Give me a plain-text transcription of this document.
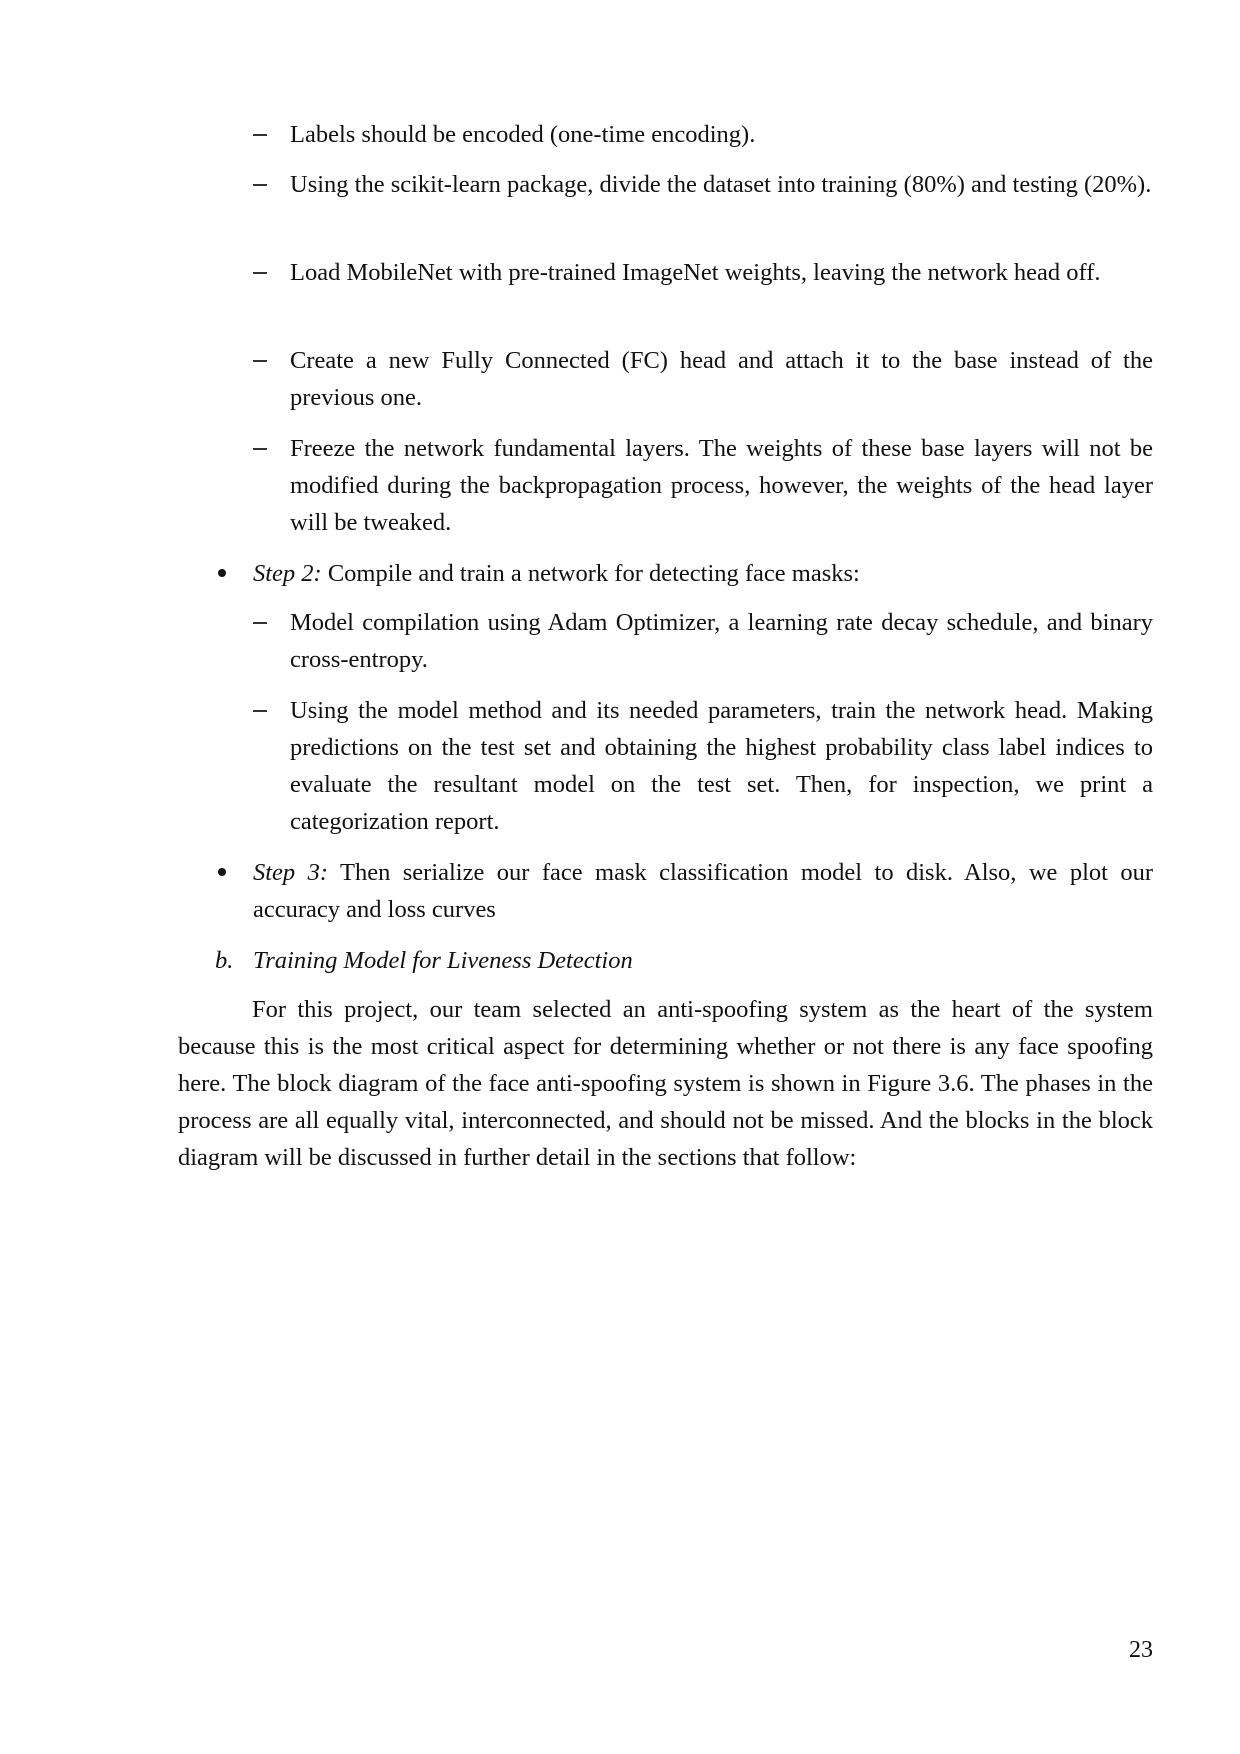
Labels should be encoded (one-time encoding).
Using the scikit-learn package, divide the dataset into training (80%) and testing (20%).
Load MobileNet with pre-trained ImageNet weights, leaving the network head off.
Create a new Fully Connected (FC) head and attach it to the base instead of the previous one.
Freeze the network fundamental layers. The weights of these base layers will not be modified during the backpropagation process, however, the weights of the head layer will be tweaked.
Step 2: Compile and train a network for detecting face masks:
Model compilation using Adam Optimizer, a learning rate decay schedule, and binary cross-entropy.
Using the model method and its needed parameters, train the network head. Making predictions on the test set and obtaining the highest probability class label indices to evaluate the resultant model on the test set. Then, for inspection, we print a categorization report.
Step 3: Then serialize our face mask classification model to disk. Also, we plot our accuracy and loss curves
b. Training Model for Liveness Detection
For this project, our team selected an anti-spoofing system as the heart of the system because this is the most critical aspect for determining whether or not there is any face spoofing here. The block diagram of the face anti-spoofing system is shown in Figure 3.6. The phases in the process are all equally vital, interconnected, and should not be missed. And the blocks in the block diagram will be discussed in further detail in the sections that follow:
23
